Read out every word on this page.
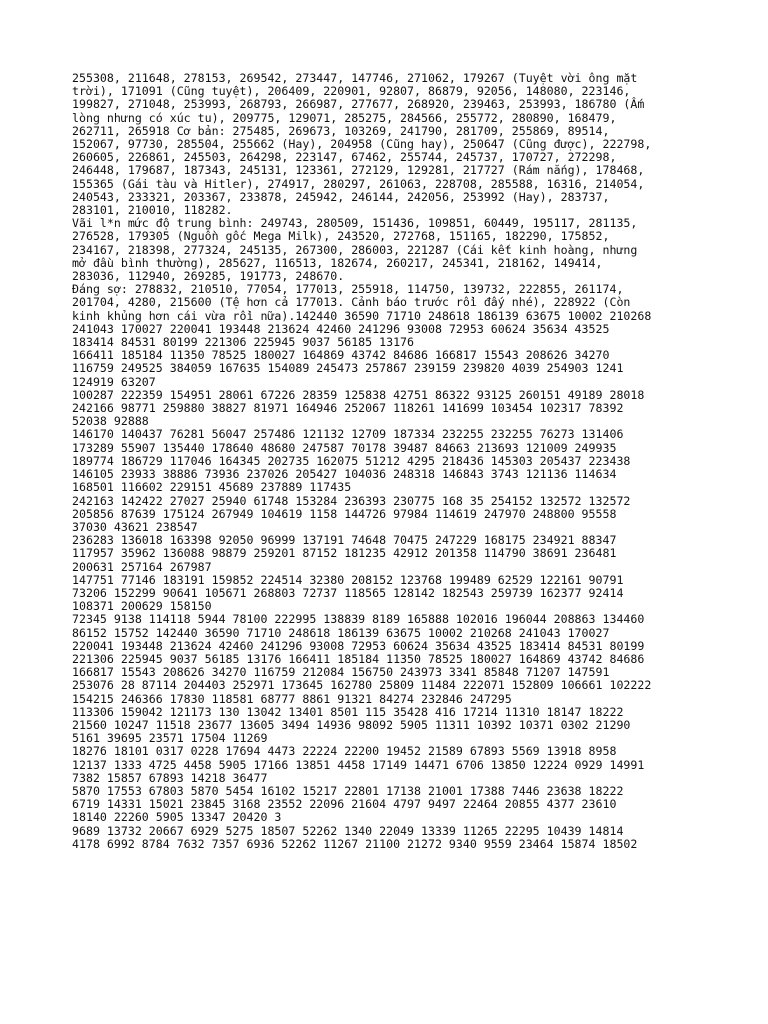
255308, 211648, 278153, 269542, 273447, 147746, 271062, 179267 (Tuyệt vời ông mặt
trời), 171091 (Cũng tuyệt), 206409, 220901, 92807, 86879, 92056, 148080, 223146,
199827, 271048, 253993, 268793, 266987, 277677, 268920, 239463, 253993, 186780 (Ấm
lòng nhưng có xúc tu), 209775, 129071, 285275, 284566, 255772, 280890, 168479,
262711, 265918 Cơ bản: 275485, 269673, 103269, 241790, 281709, 255869, 89514,
152067, 97730, 285504, 255662 (Hay), 204958 (Cũng hay), 250647 (Cũng được), 222798,
260605, 226861, 245503, 264298, 223147, 67462, 255744, 245737, 170727, 272298,
246448, 179687, 187343, 245131, 123361, 272129, 129281, 217727 (Rám nắng), 178468,
155365 (Gái tàu và Hitler), 274917, 280297, 261063, 228708, 285588, 16316, 214054,
240543, 233321, 203367, 233878, 245942, 246144, 242056, 253992 (Hay), 283737,
283101, 210010, 118282.

Vãi l*n mức độ trung bình: 249743, 280509, 151436, 109851, 60449, 195117, 281135,
276528, 179305 (Nguồn gốc Mega Milk), 243520, 272768, 151165, 182290, 175852,
234167, 218398, 277324, 245135, 267300, 286003, 221287 (Cái kết kinh hoàng, nhưng
mở đầu bình thường), 285627, 116513, 182674, 260217, 245341, 218162, 149414,
283036, 112940, 269285, 191773, 248670.

Đáng sợ: 278832, 210510, 77054, 177013, 255918, 114750, 139732, 222855, 261174,
201704, 4280, 215600 (Tệ hơn cả 177013. Cảnh báo trước rồi đấy nhé), 228922 (Còn
kinh khủng hơn cái vừa rồi nữa).142440 36590 71710 248618 186139 63675 10002 210268
241043 170027 220041 193448 213624 42460 241296 93008 72953 60624 35634 43525
183414 84531 80199 221306 225945 9037 56185 13176

166411 185184 11350 78525 180027 164869 43742 84686 166817 15543 208626 34270
116759 249525 384059 167635 154089 245473 257867 239159 239820 4039 254903 1241
124919 63207

100287 222359 154951 28061 67226 28359 125838 42751 86322 93125 260151 49189 28018
242166 98771 259880 38827 81971 164946 252067 118261 141699 103454 102317 78392
52038 92888

146170 140437 76281 56047 257486 121132 12709 187334 232255 232255 76273 131406
173289 55907 135440 178640 48680 247587 70178 39487 84663 213693 121009 249935
189774 186729 117046 164345 202735 162075 51212 4295 218436 145303 205437 223438
146105 23933 38886 73936 237026 205427 104036 248318 146843 3743 121136 114634
168501 116602 229151 45689 237889 117435

242163 142422 27027 25940 61748 153284 236393 230775 168 35 254152 132572 132572
205856 87639 175124 267949 104619 1158 144726 97984 114619 247970 248800 95558
37030 43621 238547

236283 136018 163398 92050 96999 137191 74648 70475 247229 168175 234921 88347
117957 35962 136088 98879 259201 87152 181235 42912 201358 114790 38691 236481
200631 257164 267987

147751 77146 183191 159852 224514 32380 208152 123768 199489 62529 122161 90791
73206 152299 90641 105671 268803 72737 118565 128142 182543 259739 162377 92414
108371 200629 158150

72345 9138 114118 5944 78100 222995 138839 8189 165888 102016 196044 208863 134460
86152 15752 142440 36590 71710 248618 186139 63675 10002 210268 241043 170027
220041 193448 213624 42460 241296 93008 72953 60624 35634 43525 183414 84531 80199
221306 225945 9037 56185 13176 166411 185184 11350 78525 180027 164869 43742 84686
166817 15543 208626 34270 116759 212084 156750 243973 3341 85848 71207 147591
253076 28 87114 204403 252971 173645 162780 25809 11484 222071 152809 106661 102222
154215 246366 17830 118581 68777 8861 91321 84274 232846 247295

113306 159042 121173 130 13042 13401 8501 115 35428 416 17214 11310 18147 18222
21560 10247 11518 23677 13605 3494 14936 98092 5905 11311 10392 10371 0302 21290
5161 39695 23571 17504 11269

18276 18101 0317 0228 17694 4473 22224 22200 19452 21589 67893 5569 13918 8958
12137 1333 4725 4458 5905 17166 13851 4458 17149 14471 6706 13850 12224 0929 14991
7382 15857 67893 14218 36477

5870 17553 67803 5870 5454 16102 15217 22801 17138 21001 17388 7446 23638 18222
6719 14331 15021 23845 3168 23552 22096 21604 4797 9497 22464 20855 4377 23610
18140 22260 5905 13347 20420 3

9689 13732 20667 6929 5275 18507 52262 1340 22049 13339 11265 22295 10439 14814
4178 6992 8784 7632 7357 6936 52262 11267 21100 21272 9340 9559 23464 15874 18502
